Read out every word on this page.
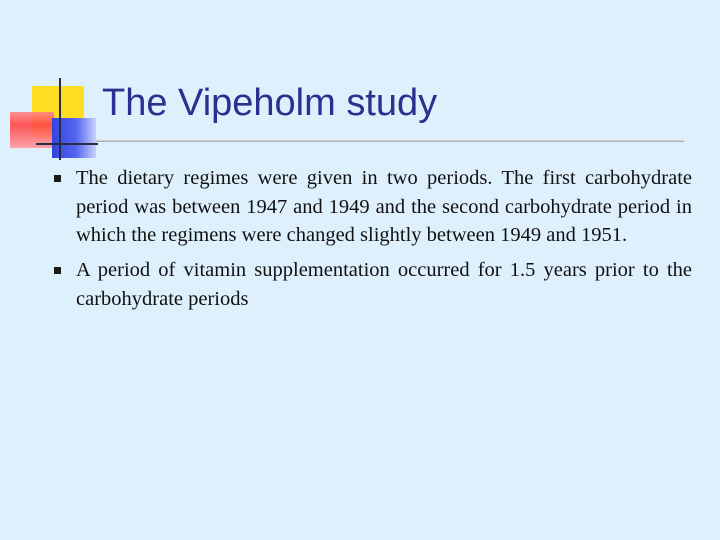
The Vipeholm study

The dietary regimes were given in two periods. The first carbohydrate period was between 1947 and 1949 and the second carbohydrate period in which the regimens were changed slightly between 1949 and 1951.

A period of vitamin supplementation occurred for 1.5 years prior to the carbohydrate periods
